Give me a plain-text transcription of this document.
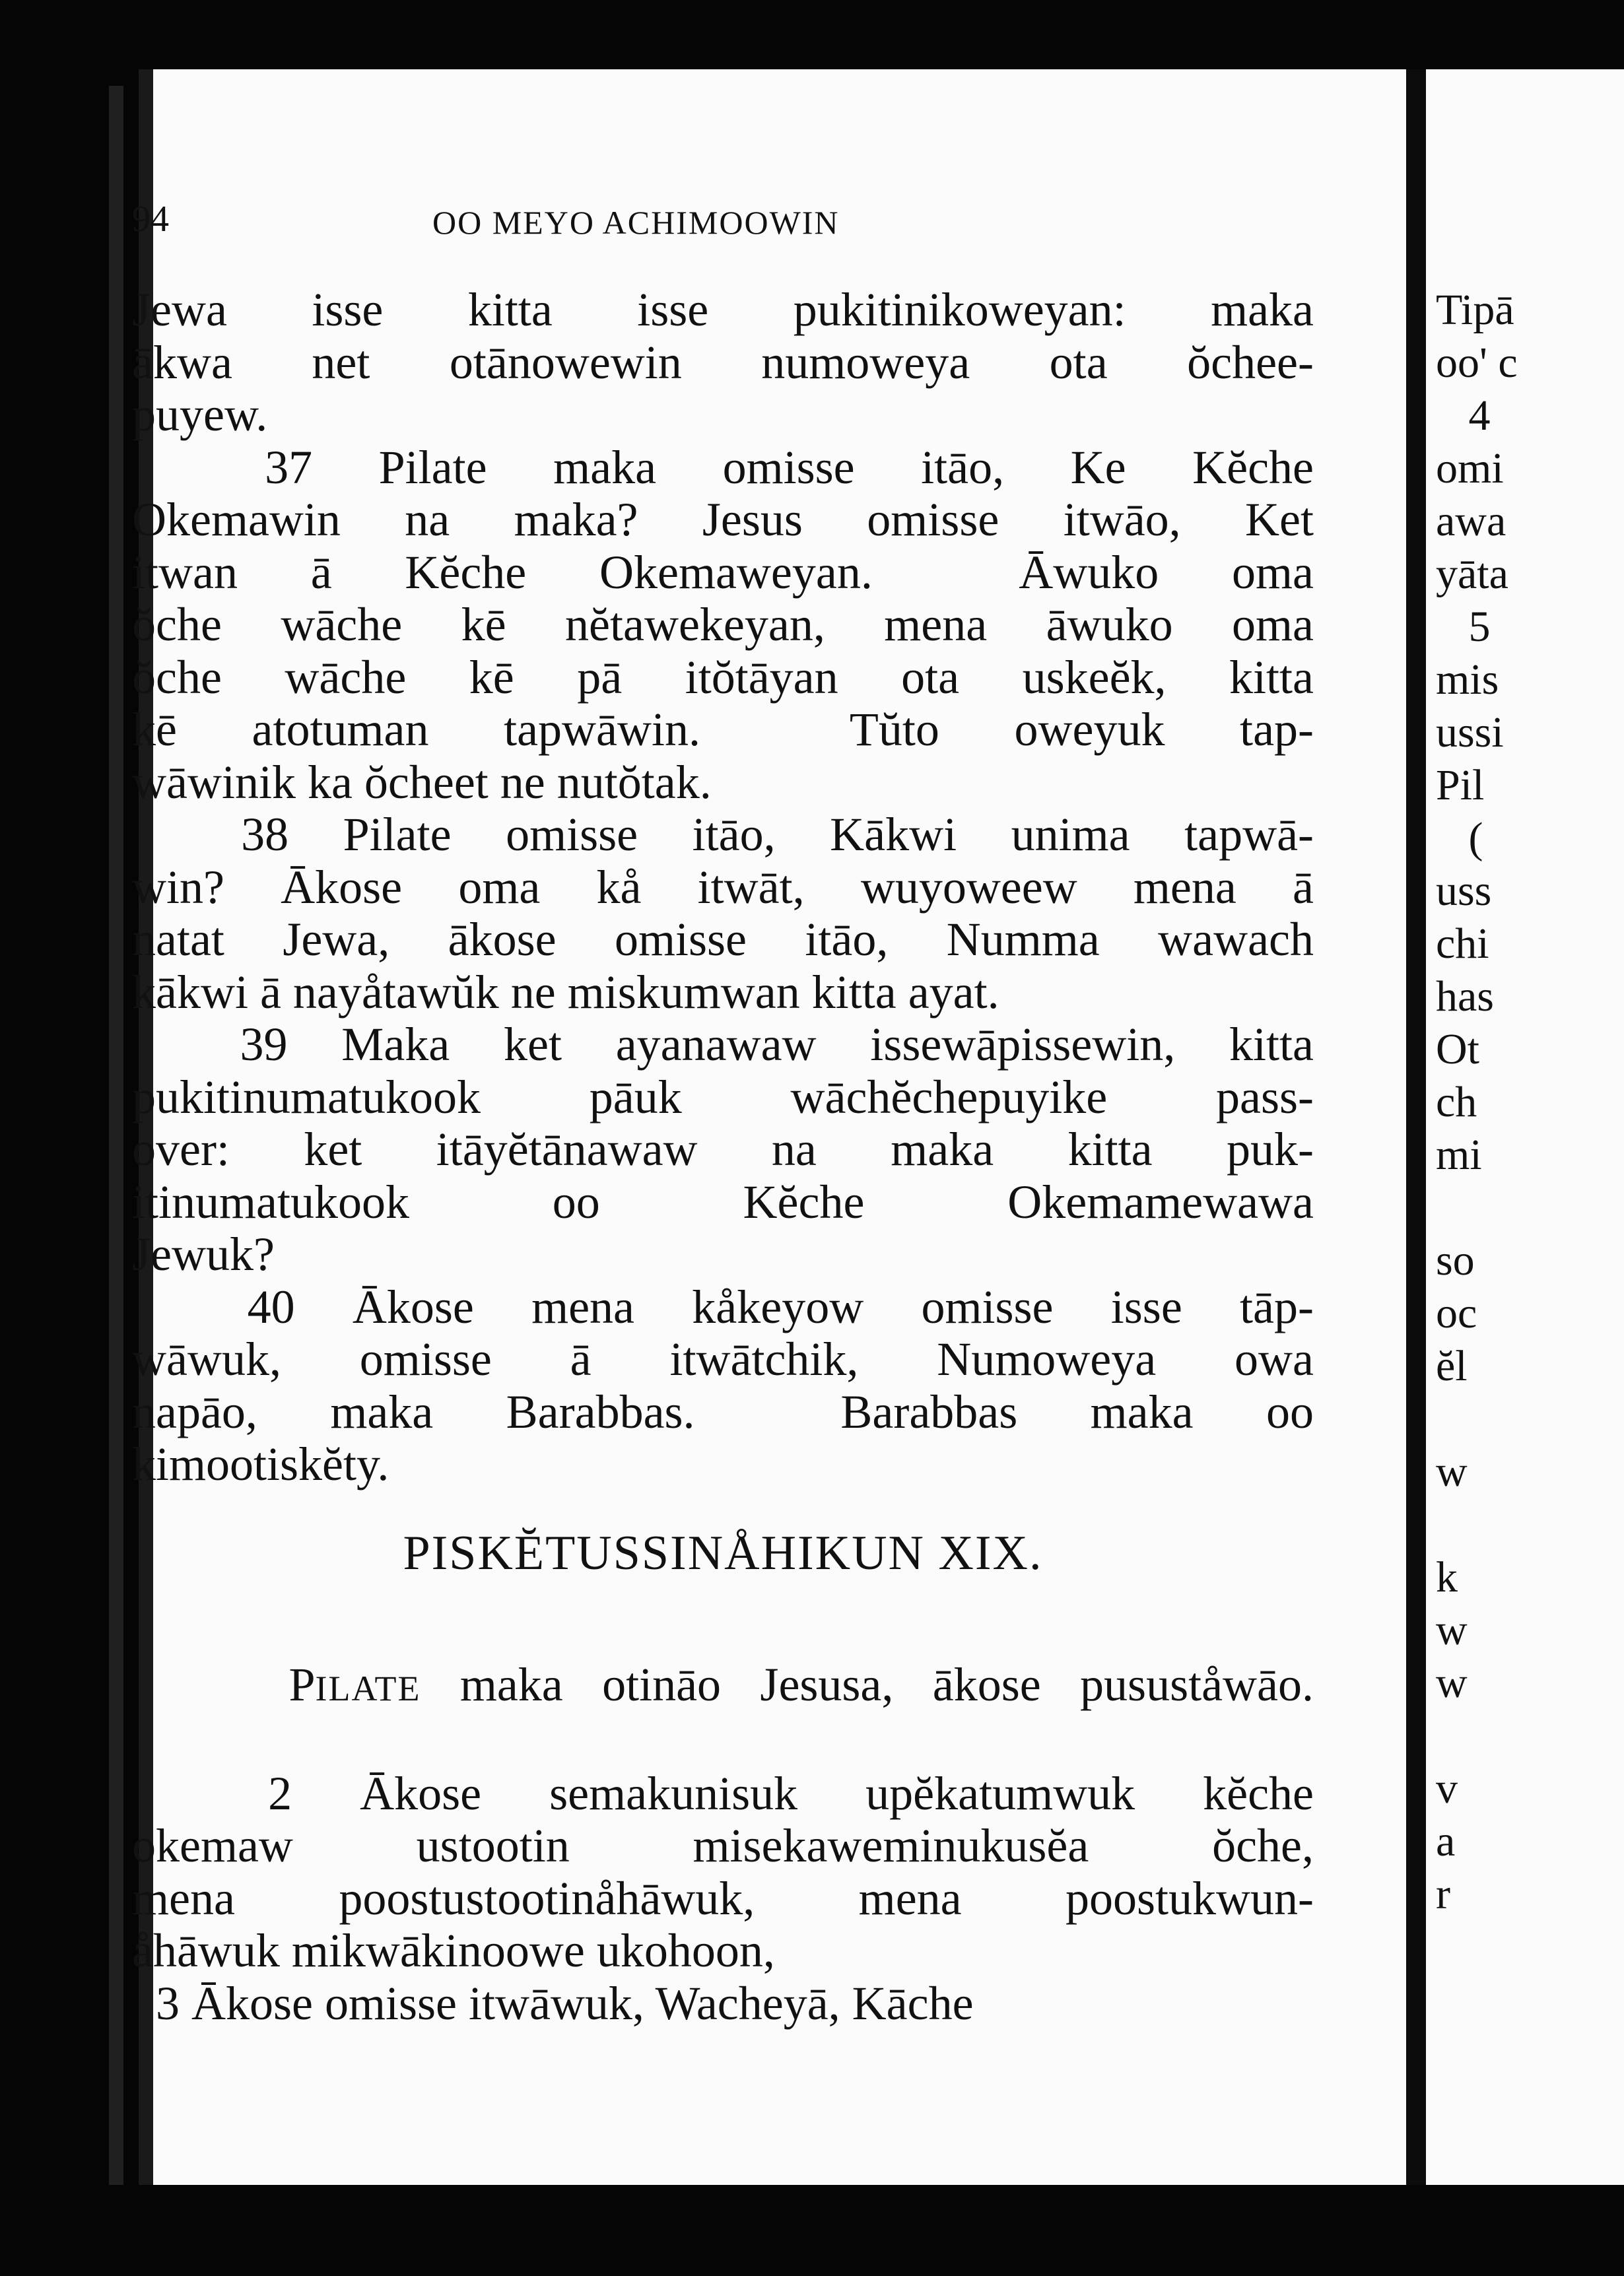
94	OO MEYO ACHIMOOWIN
Jewa isse kitta isse pukitinikoweyan: maka
ākwa net otānowewin numoweya ota ŏchee-
puyew.
37 Pilate maka omisse itāo, Ke Kĕche
Okemawin na maka? Jesus omisse itwāo, Ket
itwan ā Kĕche Okemaweyan.  Āwuko oma
ŏche wāche kē nĕtawekeyan, mena āwuko oma
ŏche wāche kē pā itŏtāyan ota uskeĕk, kitta
kē atotuman tapwāwin.  Tŭto oweyuk tap-
wāwinik ka ŏcheet ne nutŏtak.
38 Pilate omisse itāo, Kākwi unima tapwā-
win? Ākose oma kå itwāt, wuyoweew mena ā
natat Jewa, ākose omisse itāo, Numma wawach
kākwi ā nayåtawŭk ne miskumwan kitta ayat.
39 Maka ket ayanawaw issewāpissewin, kitta
pukitinumatukook pāuk wāchĕchepuyike pass-
over: ket itāyĕtānawaw na maka kitta puk-
itinumatukook oo Kĕche Okemamewawa
Jewuk?
40 Ākose mena kåkeyow omisse isse tāp-
wāwuk, omisse ā itwātchik, Numoweya owa
napāo, maka Barabbas.  Barabbas maka oo
kimootiskĕty.
PISKĔTUSSINÅHIKUN XIX.

PILATE maka otināo Jesusa, ākose pusuståwāo.

2 Ākose semakunisuk upĕkatumwuk kĕche
okemaw ustootin misekaweminukusĕa ŏche,
mena poostustootinåhāwuk, mena poostukwun-
åhāwuk mikwākinoowe ukohoon,
3 Ākose omisse itwāwuk, Wacheyā, Kāche
Tipā
oo' c
4
omi
awa
yāta
5
mis
ussi
Pil
(
uss
chi
has
Ot
ch
mi

so
oc
ĕl

w

k
w
w

v
a
r
